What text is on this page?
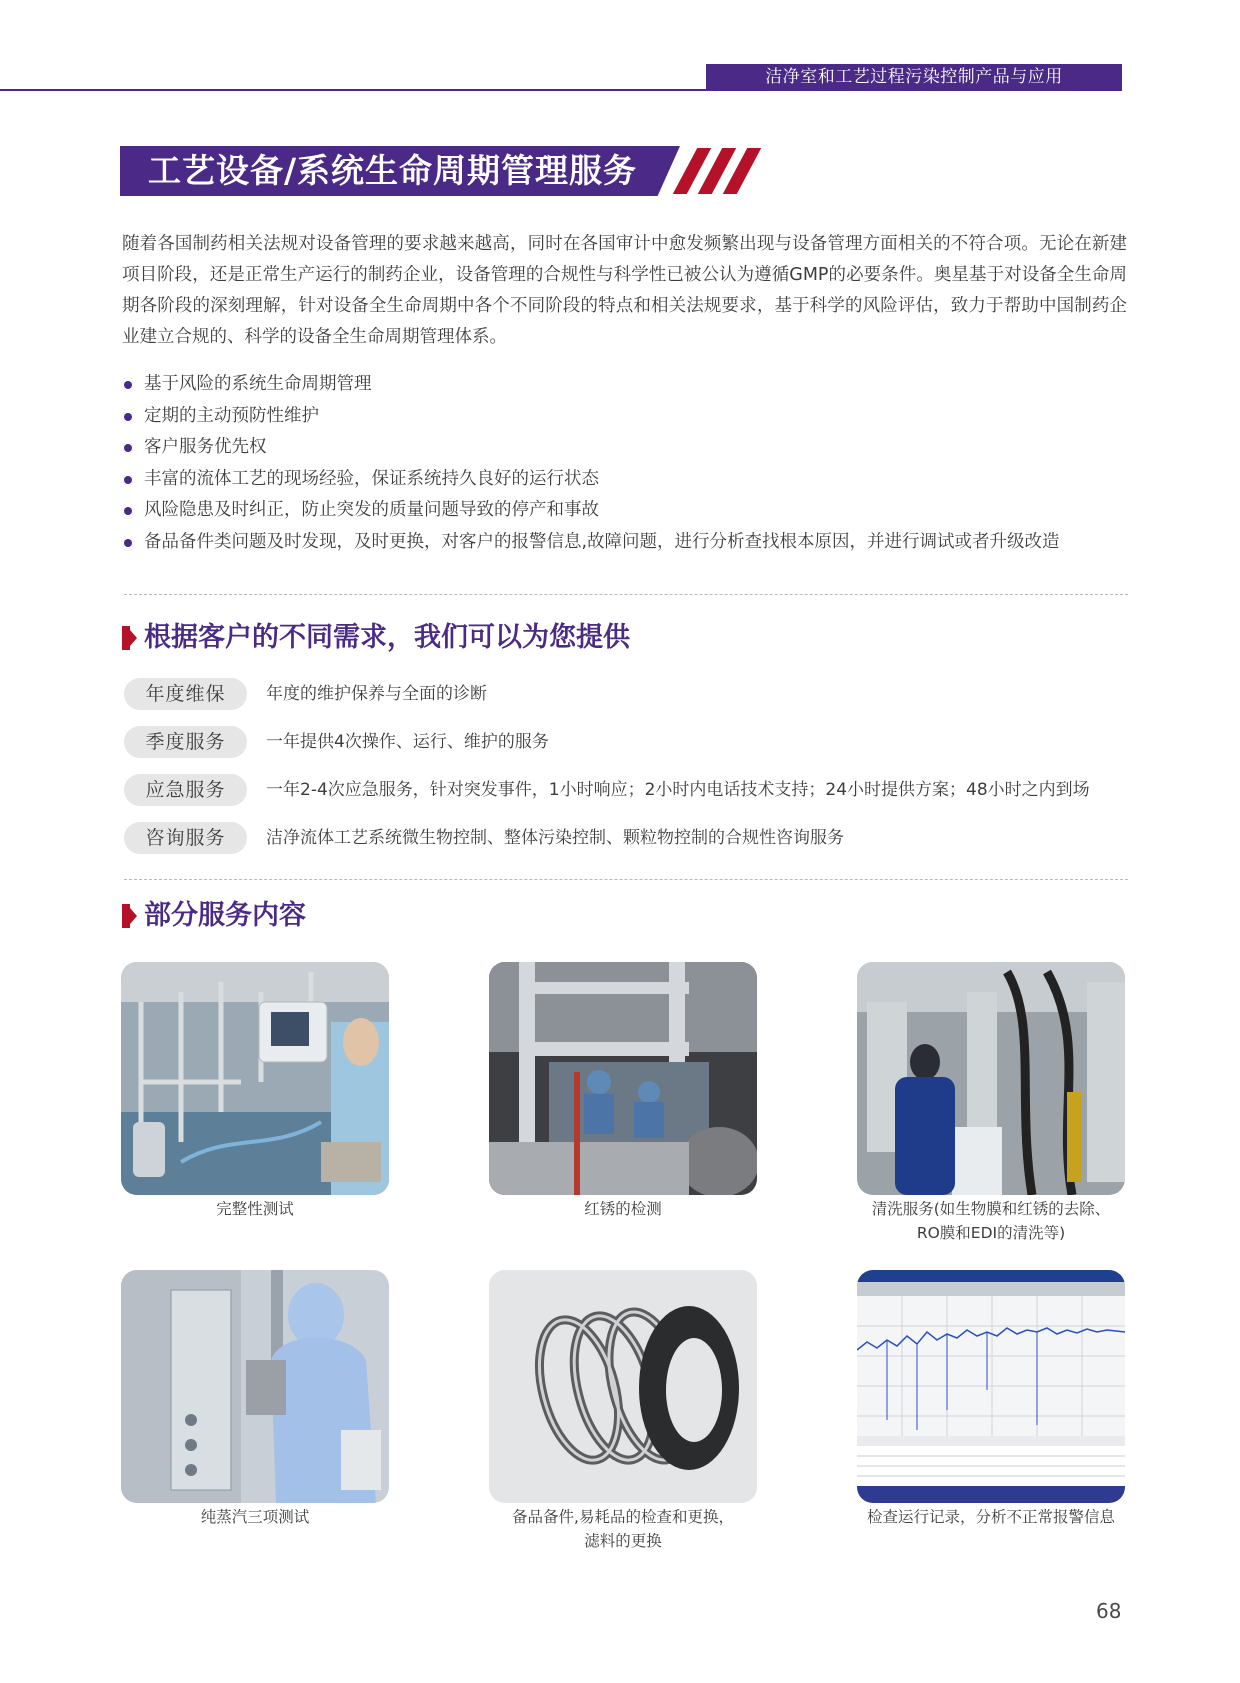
洁净室和工艺过程污染控制产品与应用
工艺设备/系统生命周期管理服务

随着各国制药相关法规对设备管理的要求越来越高，同时在各国审计中愈发频繁出现与设备管理方面相关的不符合项。无论在新建项目阶段，还是正常生产运行的制药企业，设备管理的合规性与科学性已被公认为遵循GMP的必要条件。奥星基于对设备全生命周期各阶段的深刻理解，针对设备全生命周期中各个不同阶段的特点和相关法规要求，基于科学的风险评估，致力于帮助中国制药企业建立合规的、科学的设备全生命周期管理体系。

基于风险的系统生命周期管理
定期的主动预防性维护
客户服务优先权
丰富的流体工艺的现场经验，保证系统持久良好的运行状态
风险隐患及时纠正，防止突发的质量问题导致的停产和事故
备品备件类问题及时发现，及时更换，对客户的报警信息,故障问题，进行分析查找根本原因，并进行调试或者升级改造
根据客户的不同需求，我们可以为您提供
年度维保	年度的维护保养与全面的诊断
季度服务	一年提供4次操作、运行、维护的服务
应急服务	一年2-4次应急服务，针对突发事件，1小时响应；2小时内电话技术支持；24小时提供方案；48小时之内到场
咨询服务	洁净流体工艺系统微生物控制、整体污染控制、颗粒物控制的合规性咨询服务
部分服务内容
完整性测试	红锈的检测	清洗服务(如生物膜和红锈的去除、
RO膜和EDI的清洗等)
纯蒸汽三项测试	备品备件,易耗品的检查和更换，
滤料的更换
检查运行记录，分析不正常报警信息
68
